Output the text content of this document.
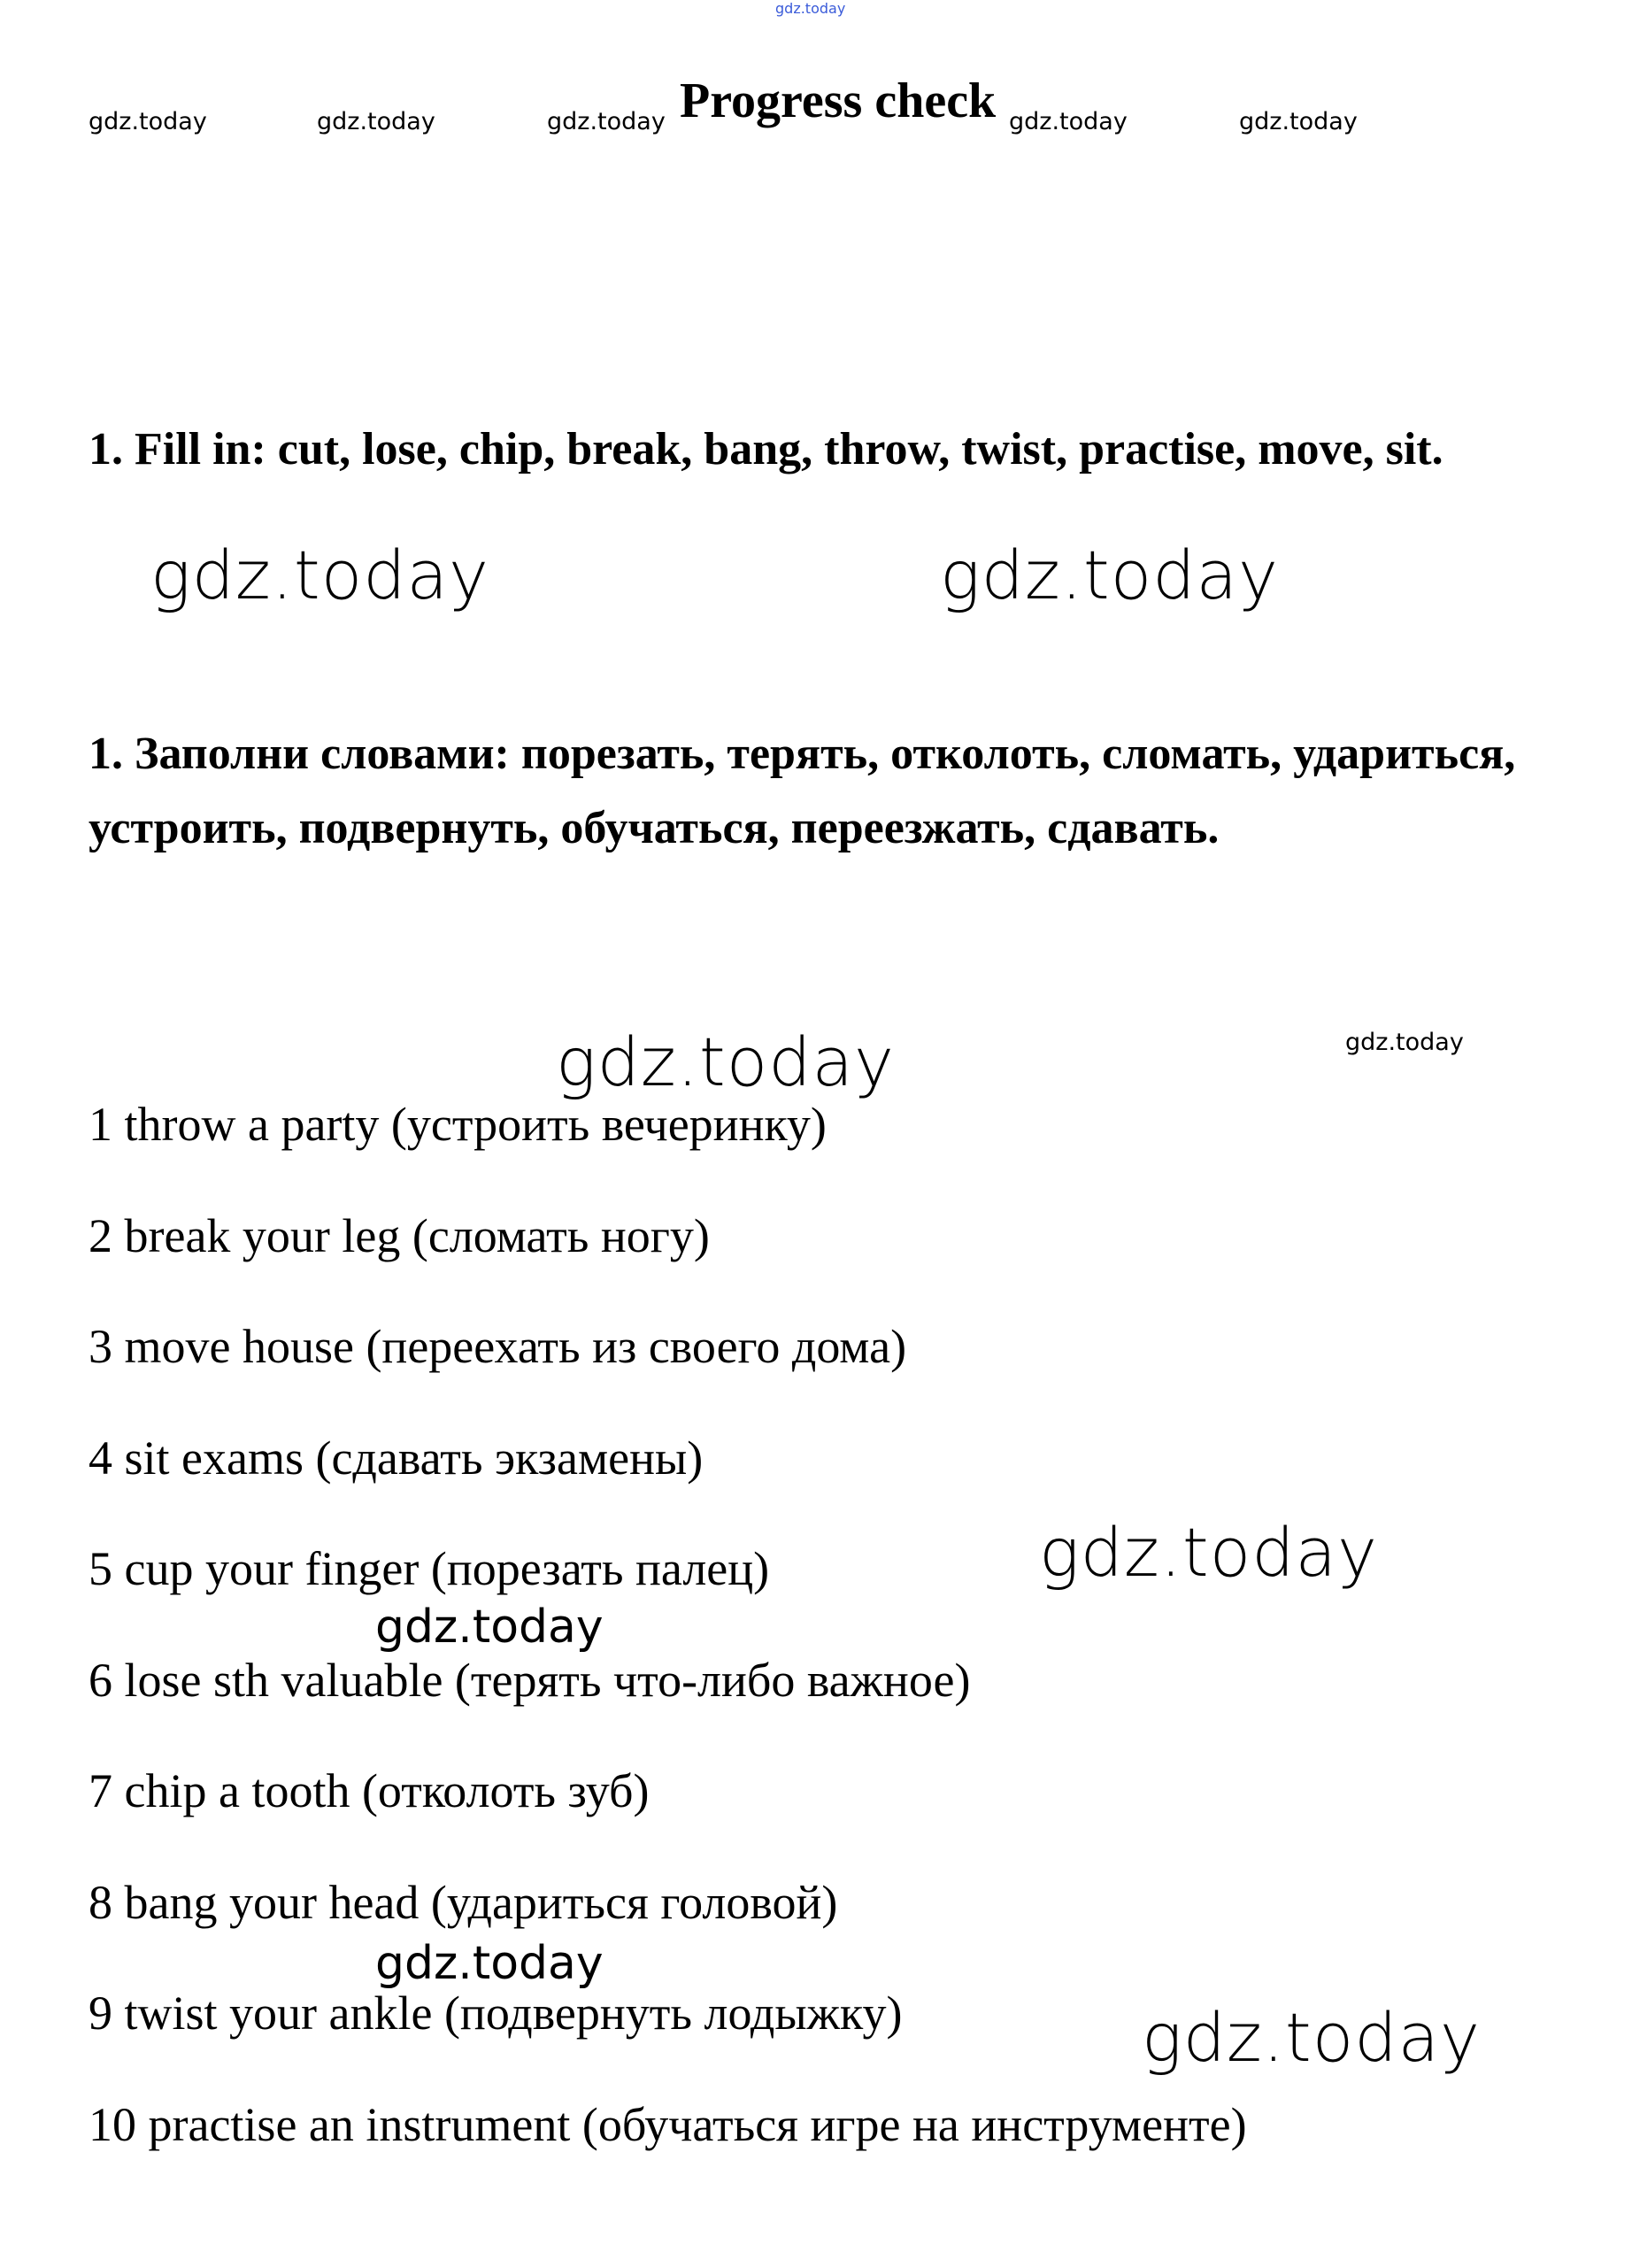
gdz.today
gdz.today	gdz.today	gdz.today	gdz.today	gdz.today
gdz.today	gdz.today
gdz.today	gdz.today
gdz.today
gdz.today
gdz.today
gdz.today
Progress check
1. Fill in: cut, lose, chip, break, bang, throw, twist, practise, move, sit.
1. Заполни словами: порезать, терять, отколоть, сломать, удариться, устроить, подвернуть, обучаться, переезжать, сдавать.
1 throw a party (устроить вечеринку)
2 break your leg (сломать ногу)
3 move house (переехать из своего дома)
4 sit exams (сдавать экзамены)
5 cup your finger (порезать палец)
6 lose sth valuable (терять что-либо важное)
7 chip a tooth (отколоть зуб)
8 bang your head (удариться головой)
9 twist your ankle (подвернуть лодыжку)
10 practise an instrument (обучаться игре на инструменте)
